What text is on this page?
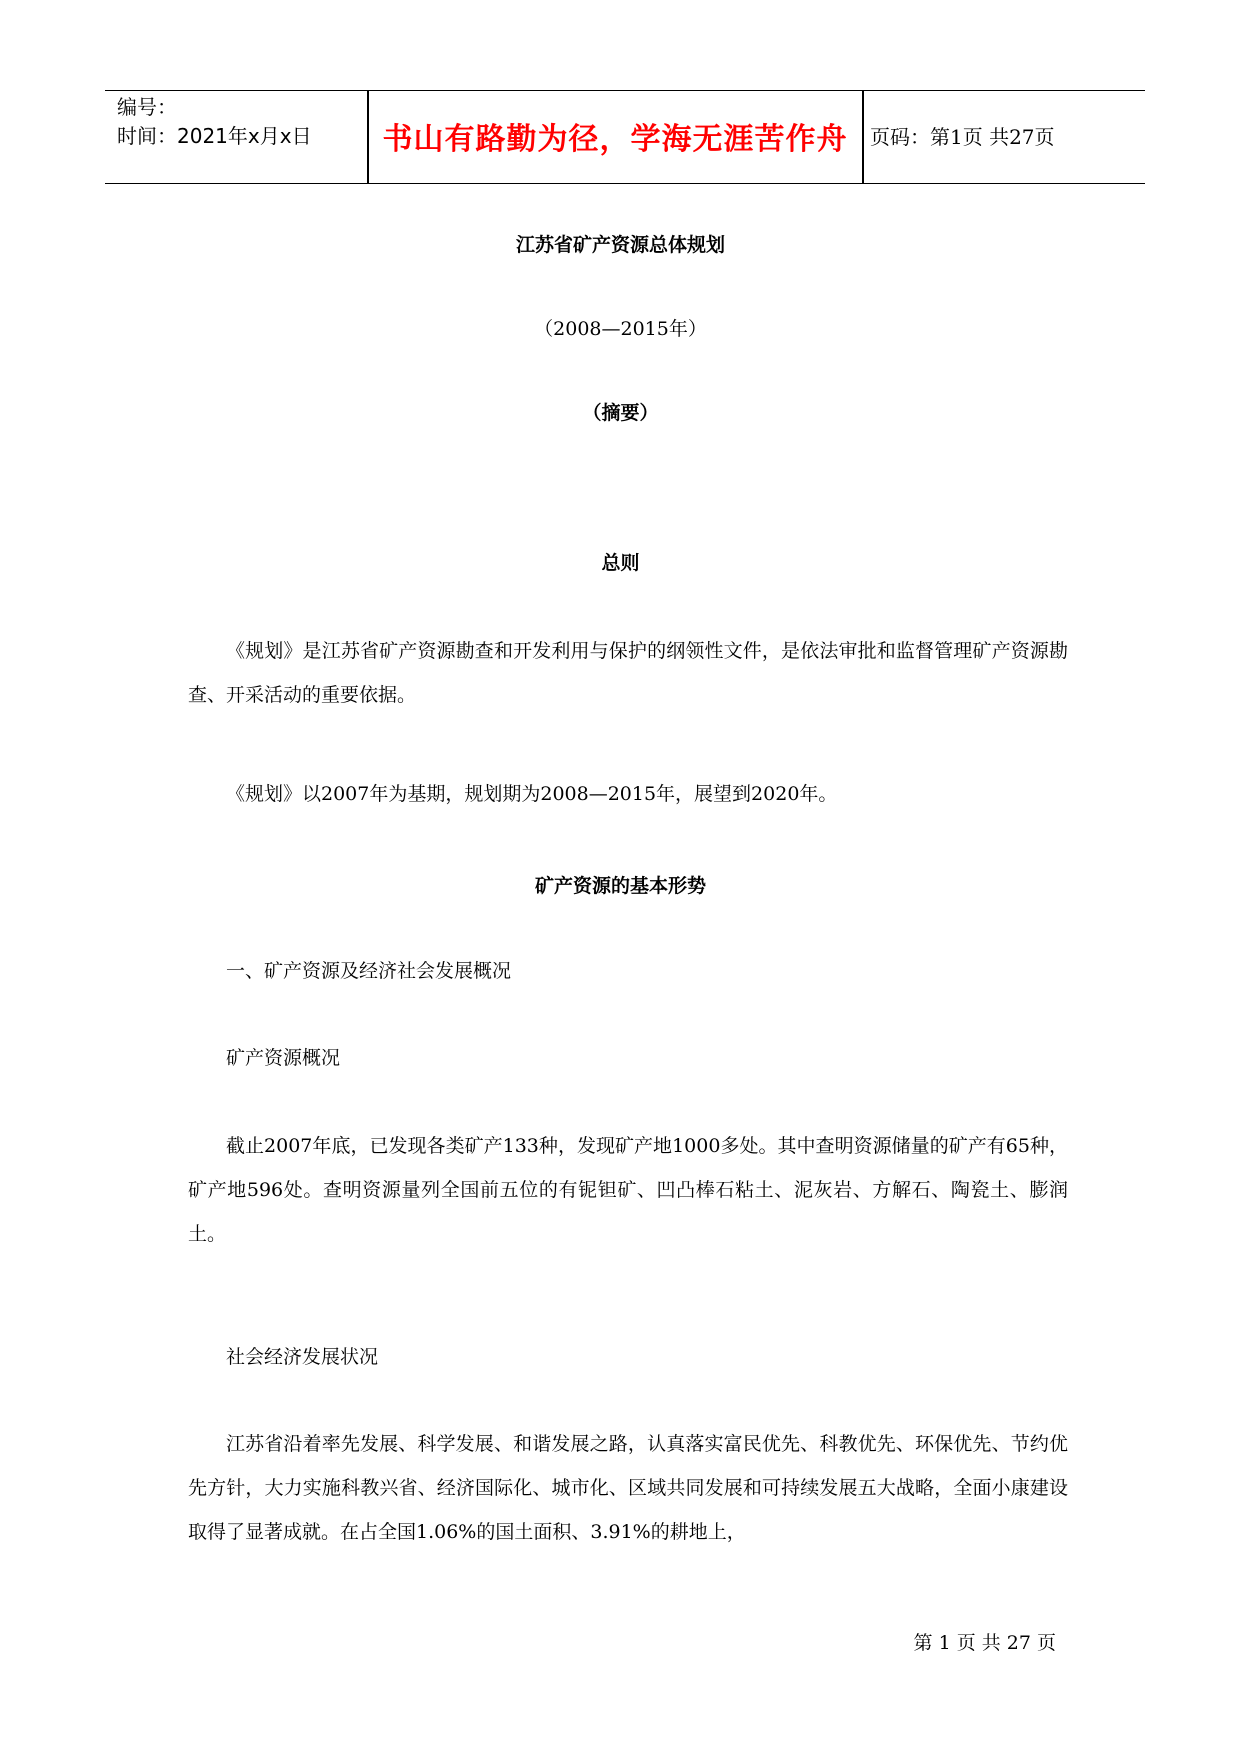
编号：
时间：2021年x月x日	书山有路勤为径，学海无涯苦作舟	页码：第1页 共27页
江苏省矿产资源总体规划
（2008—2015年）
（摘要）
总则
《规划》是江苏省矿产资源勘查和开发利用与保护的纲领性文件，是依法审批和监督管理矿产资源勘查、开采活动的重要依据。
《规划》以2007年为基期，规划期为2008—2015年，展望到2020年。
矿产资源的基本形势
一、矿产资源及经济社会发展概况
矿产资源概况
截止2007年底，已发现各类矿产133种，发现矿产地1000多处。其中查明资源储量的矿产有65种，矿产地596处。查明资源量列全国前五位的有铌钽矿、凹凸棒石粘土、泥灰岩、方解石、陶瓷土、膨润土。
社会经济发展状况
江苏省沿着率先发展、科学发展、和谐发展之路，认真落实富民优先、科教优先、环保优先、节约优先方针，大力实施科教兴省、经济国际化、城市化、区域共同发展和可持续发展五大战略，全面小康建设取得了显著成就。在占全国1.06%的国土面积、3.91%的耕地上，
第 1 页 共 27 页
